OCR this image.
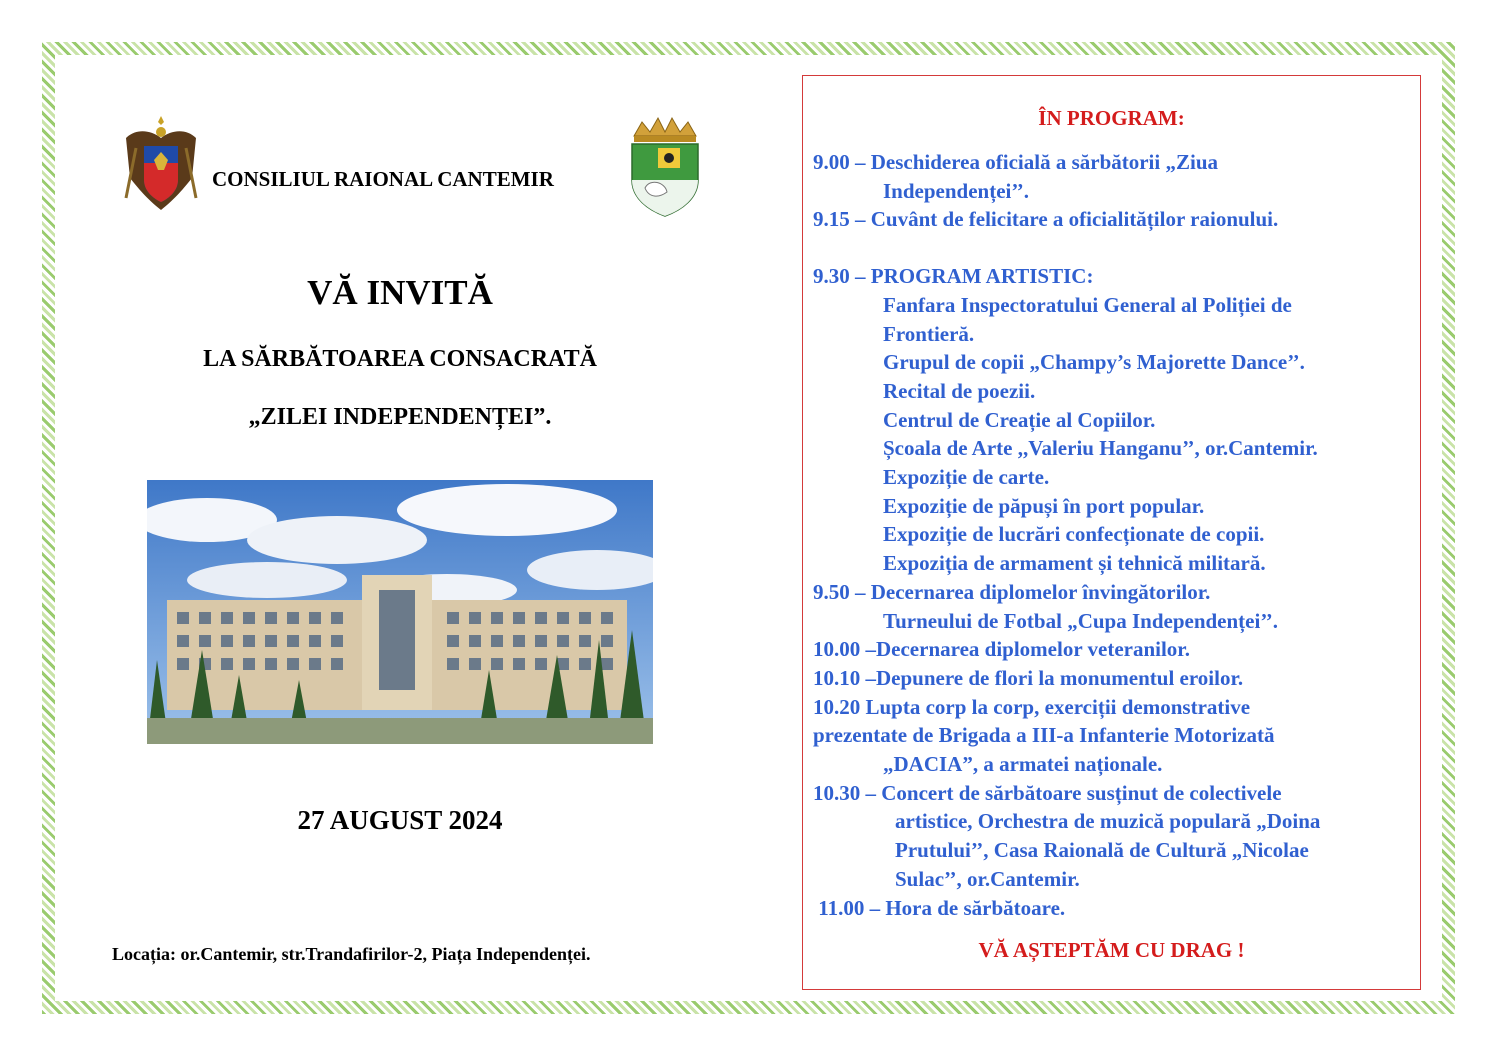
CONSILIUL RAIONAL CANTEMIR
VĂ INVITĂ
LA SĂRBĂTOAREA CONSACRATĂ
„ZILEI INDEPENDENȚEI”.
27 AUGUST 2024
Locația: or.Cantemir, str.Trandafirilor-2, Piața Independenței.
ÎN PROGRAM:
9.00 – Deschiderea oficială a sărbătorii „Ziua
Independenței’’.
9.15 – Cuvânt de felicitare a oficialităților raionului.
9.30 – PROGRAM ARTISTIC:
Fanfara Inspectoratului General al Poliției de
Frontieră.
Grupul de copii „Champy’s Majorette Dance’’.
Recital de poezii.
Centrul de Creație al Copiilor.
Școala de Arte ,,Valeriu Hanganu’’, or.Cantemir.
Expoziție de carte.
Expoziție de păpuși în port popular.
Expoziție de lucrări confecționate de copii.
Expoziția de armament și tehnică militară.
9.50 – Decernarea diplomelor învingătorilor.
Turneului de Fotbal „Cupa Independenței’’.
10.00 – Decernarea diplomelor veteranilor.
10.10 – Depunere de flori la monumentul eroilor.
10.20 Lupta corp la corp, exerciții demonstrative
prezentate de Brigada a III-a Infanterie Motorizată
„DACIA”, a armatei naționale.
10.30 – Concert de sărbătoare susținut de colectivele
artistice, Orchestra de muzică populară „Doina
Prutului’’, Casa Raională de Cultură „Nicolae
Sulac’’, or.Cantemir.
11.00 – Hora de sărbătoare.
VĂ AȘTEPTĂM CU DRAG !
